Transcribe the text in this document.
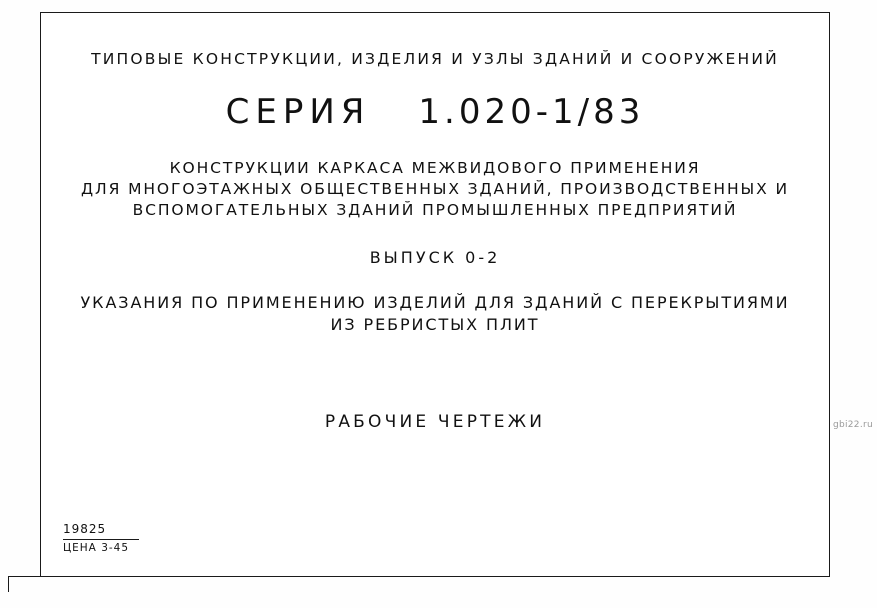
ТИПОВЫЕ КОНСТРУКЦИИ, ИЗДЕЛИЯ И УЗЛЫ ЗДАНИЙ И СООРУЖЕНИЙ
СЕРИЯ 1.020-1/83
КОНСТРУКЦИИ КАРКАСА МЕЖВИДОВОГО ПРИМЕНЕНИЯ
ДЛЯ МНОГОЭТАЖНЫХ ОБЩЕСТВЕННЫХ ЗДАНИЙ, ПРОИЗВОДСТВЕННЫХ И
ВСПОМОГАТЕЛЬНЫХ ЗДАНИЙ ПРОМЫШЛЕННЫХ ПРЕДПРИЯТИЙ
ВЫПУСК 0-2
УКАЗАНИЯ ПО ПРИМЕНЕНИЮ ИЗДЕЛИЙ ДЛЯ ЗДАНИЙ С ПЕРЕКРЫТИЯМИ
ИЗ РЕБРИСТЫХ ПЛИТ
РАБОЧИЕ ЧЕРТЕЖИ
19825
ЦЕНА 3-45
gbi22.ru
